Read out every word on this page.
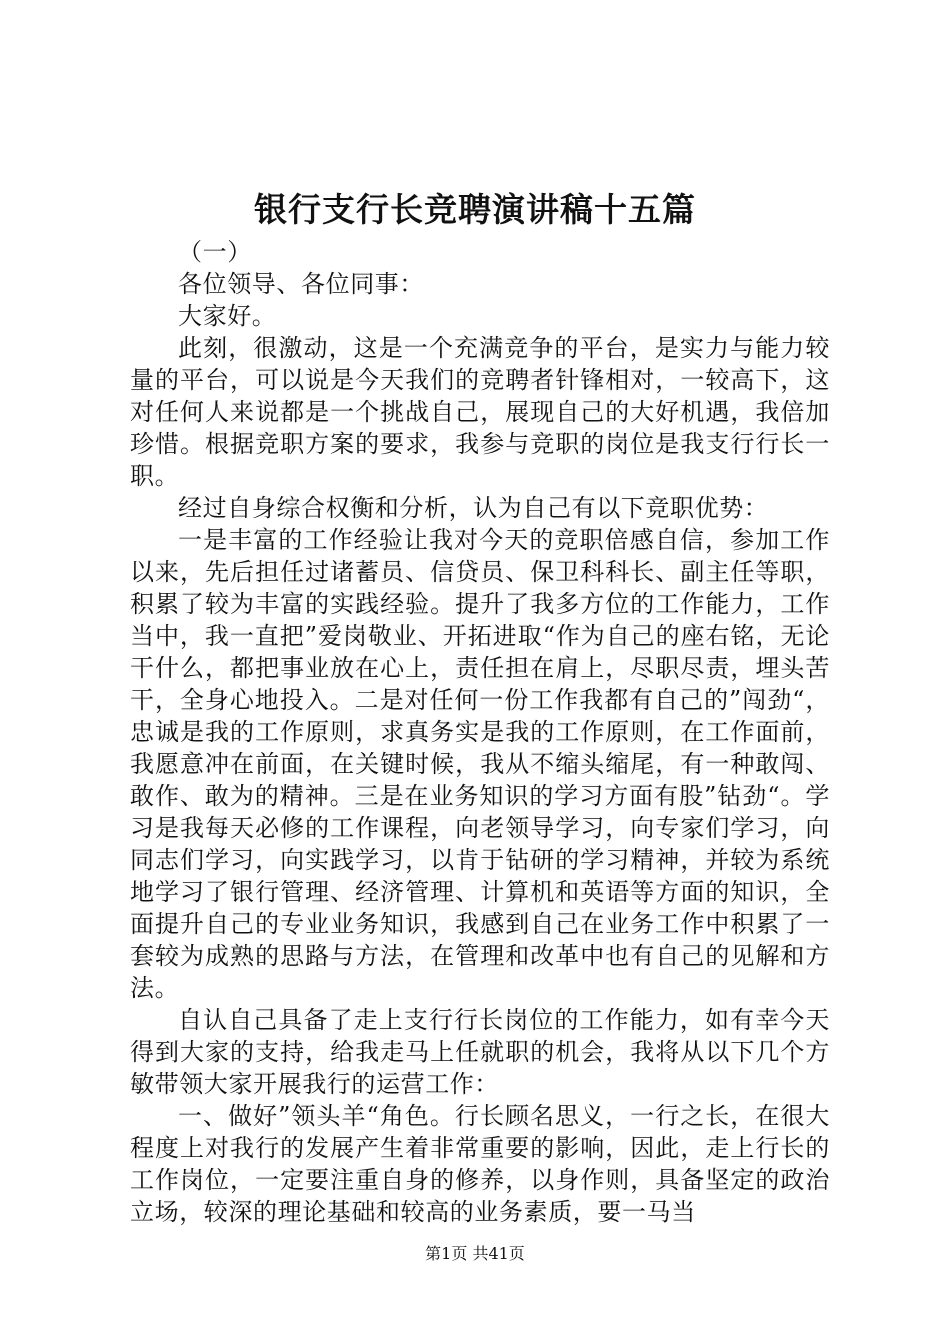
银行支行长竞聘演讲稿十五篇

（一）

各位领导、各位同事：

大家好。

此刻，很激动，这是一个充满竞争的平台，是实力与能力较量的平台，可以说是今天我们的竞聘者针锋相对，一较高下，这对任何人来说都是一个挑战自己，展现自己的大好机遇，我倍加珍惜。根据竞职方案的要求，我参与竞职的岗位是我支行行长一职。

经过自身综合权衡和分析，认为自己有以下竞职优势：

一是丰富的工作经验让我对今天的竞职倍感自信，参加工作以来，先后担任过诸蓄员、信贷员、保卫科科长、副主任等职，积累了较为丰富的实践经验。提升了我多方位的工作能力，工作当中，我一直把”爱岗敬业、开拓进取“作为自己的座右铭，无论干什么，都把事业放在心上，责任担在肩上，尽职尽责，埋头苦干，全身心地投入。二是对任何一份工作我都有自己的”闯劲“，忠诚是我的工作原则，求真务实是我的工作原则，在工作面前，我愿意冲在前面，在关键时候，我从不缩头缩尾，有一种敢闯、敢作、敢为的精神。三是在业务知识的学习方面有股”钻劲“。学习是我每天必修的工作课程，向老领导学习，向专家们学习，向同志们学习，向实践学习，以肯于钻研的学习精神，并较为系统地学习了银行管理、经济管理、计算机和英语等方面的知识，全面提升自己的专业业务知识，我感到自己在业务工作中积累了一套较为成熟的思路与方法，在管理和改革中也有自己的见解和方法。

自认自己具备了走上支行行长岗位的工作能力，如有幸今天得到大家的支持，给我走马上任就职的机会，我将从以下几个方敏带领大家开展我行的运营工作：

一、做好”领头羊“角色。行长顾名思义，一行之长，在很大程度上对我行的发展产生着非常重要的影响，因此，走上行长的工作岗位，一定要注重自身的修养，以身作则，具备坚定的政治立场，较深的理论基础和较高的业务素质，要一马当

第1页 共41页
